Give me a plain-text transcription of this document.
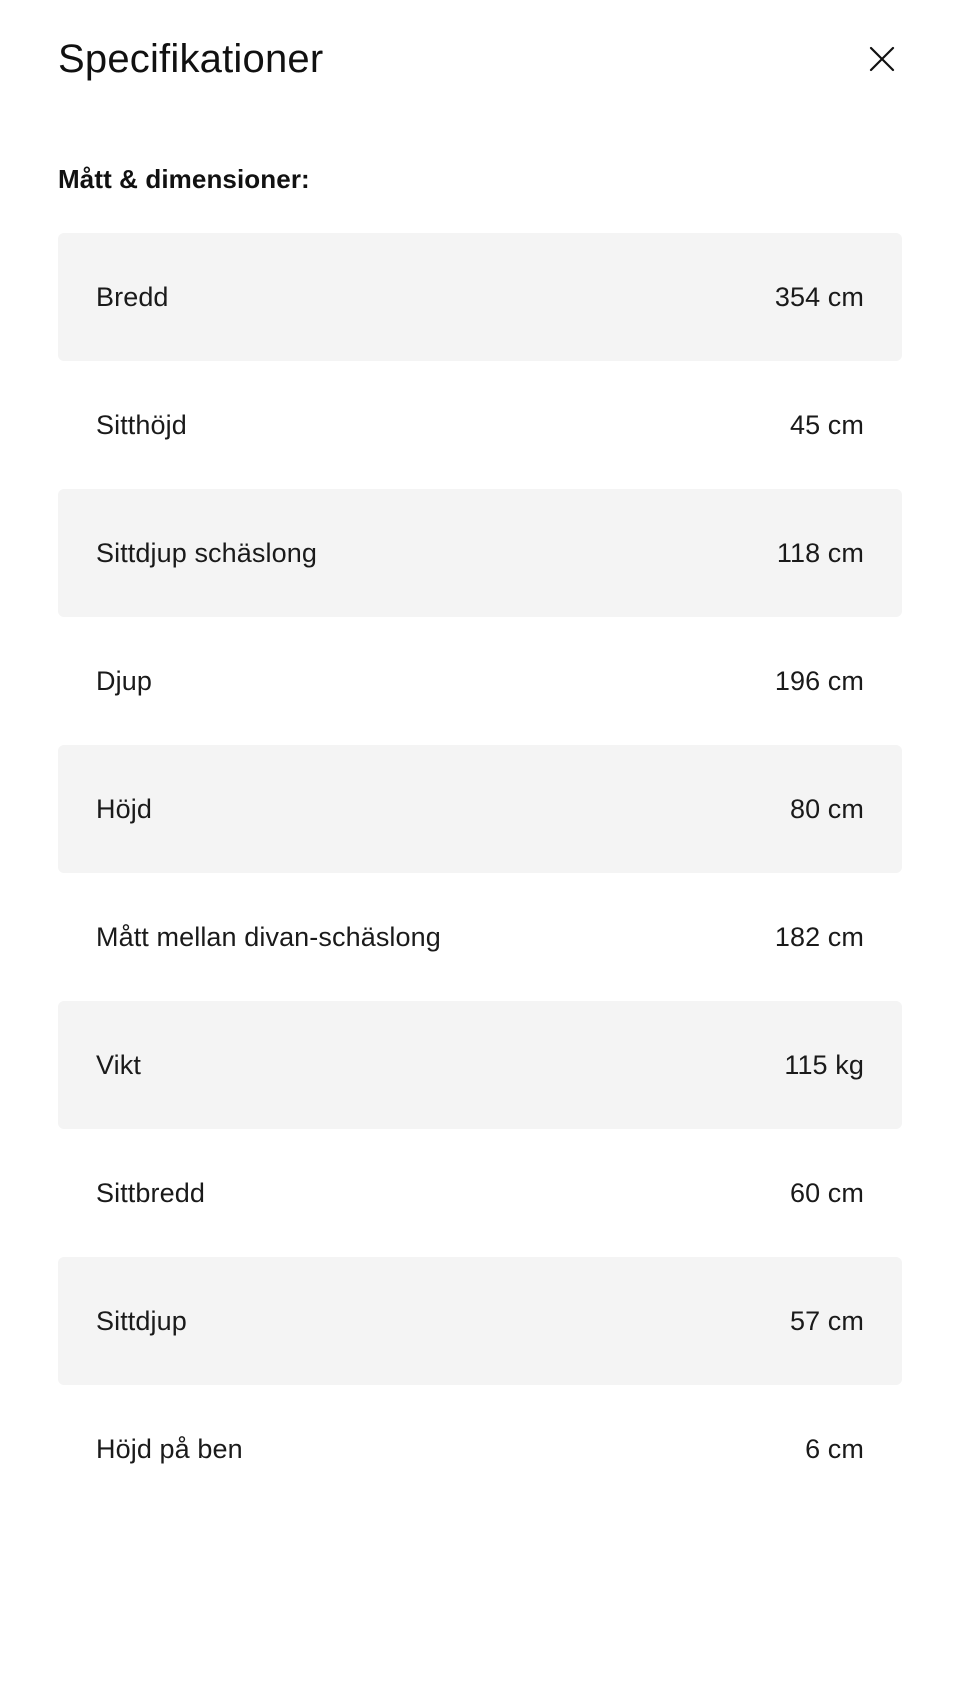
Specifikationer
Mått & dimensioner:
Bredd	354 cm
Sitthöjd	45 cm
Sittdjup schäslong	118 cm
Djup	196 cm
Höjd	80 cm
Mått mellan divan-schäslong	182 cm
Vikt	115 kg
Sittbredd	60 cm
Sittdjup	57 cm
Höjd på ben	6 cm
